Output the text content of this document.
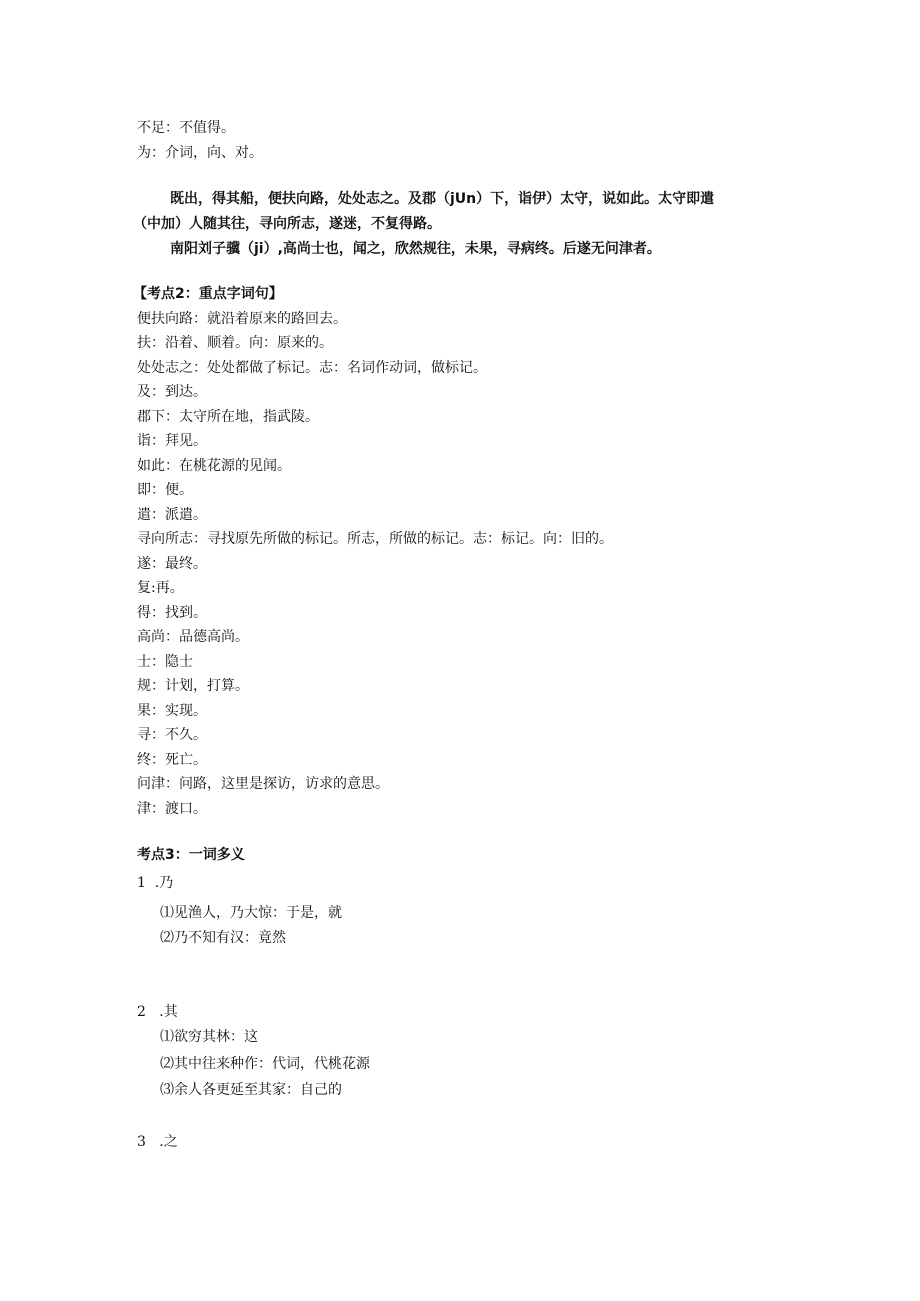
不足：不值得。
为：介词，向、对。
既出，得其船，便扶向路，处处志之。及郡（jUn）下，诣伊）太守，说如此。太守即遣
（中加）人随其往，寻向所志，遂迷，不复得路。
南阳刘子骥（ji）,高尚士也，闻之，欣然规往，未果，寻病终。后遂无问津者。
【考点2：重点字词句】
便扶向路：就沿着原来的路回去。
扶：沿着、顺着。向：原来的。
处处志之：处处都做了标记。志：名词作动词，做标记。
及：到达。
郡下：太守所在地，指武陵。
诣：拜见。
如此：在桃花源的见闻。
即：便。
遣：派遣。
寻向所志：寻找原先所做的标记。所志，所做的标记。志：标记。向：旧的。
遂：最终。
复:再。
得：找到。
高尚：品德高尚。
士：隐士
规：计划，打算。
果：实现。
寻：不久。
终：死亡。
问津：问路，这里是探访，访求的意思。
津：渡口。
考点3：一词多义
1  .乃
⑴见渔人，乃大惊：于是，就
⑵乃不知有汉：竟然
2   .其
⑴欲穷其林：这
⑵其中往来种作：代词，代桃花源
⑶余人各更延至其家：自己的
3   .之
